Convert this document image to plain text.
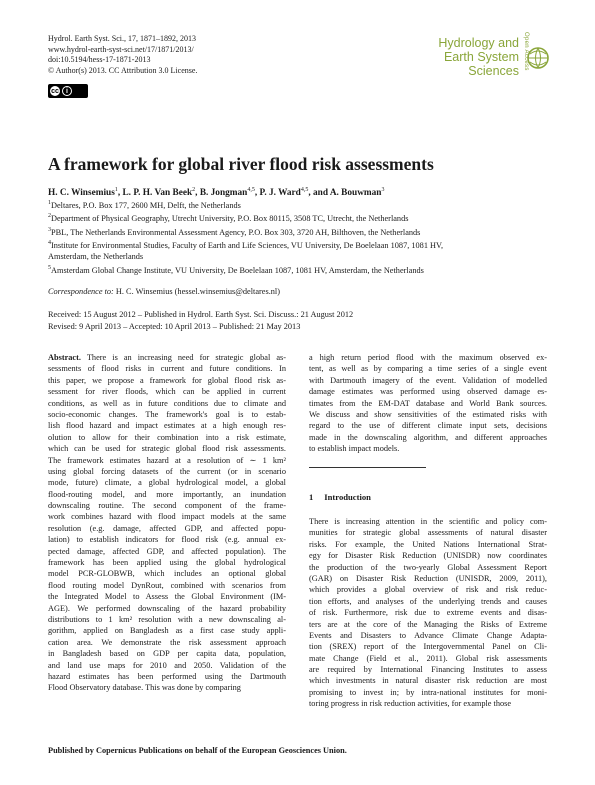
Hydrol. Earth Syst. Sci., 17, 1871–1892, 2013
www.hydrol-earth-syst-sci.net/17/1871/2013/
doi:10.5194/hess-17-1871-2013
© Author(s) 2013. CC Attribution 3.0 License.
cc	i
Hydrology and
Earth System
Sciences
Open Access
A framework for global river flood risk assessments
H. C. Winsemius$^1$, L. P. H. Van Beek$^2$, B. Jongman$^{4,5}$, P. J. Ward$^{4,5}$, and A. Bouwman$^3$
$^1$Deltares, P.O. Box 177, 2600 MH, Delft, the Netherlands
$^2$Department of Physical Geography, Utrecht University, P.O. Box 80115, 3508 TC, Utrecht, the Netherlands
$^3$PBL, The Netherlands Environmental Assessment Agency, P.O. Box 303, 3720 AH, Bilthoven, the Netherlands
$^4$Institute for Environmental Studies, Faculty of Earth and Life Sciences, VU University, De Boelelaan 1087, 1081 HV,
Amsterdam, the Netherlands
$^5$Amsterdam Global Change Institute, VU University, De Boelelaan 1087, 1081 HV, Amsterdam, the Netherlands
Correspondence to: H. C. Winsemius (hessel.winsemius@deltares.nl)
Received: 15 August 2012 – Published in Hydrol. Earth Syst. Sci. Discuss.: 21 August 2012
Revised: 9 April 2013 – Accepted: 10 April 2013 – Published: 21 May 2013
Abstract. There is an increasing need for strategic global as-
sessments of flood risks in current and future conditions. In
this paper, we propose a framework for global flood risk as-
sessment for river floods, which can be applied in current
conditions, as well as in future conditions due to climate and
socio-economic changes. The framework's goal is to estab-
lish flood hazard and impact estimates at a high enough res-
olution to allow for their combination into a risk estimate,
which can be used for strategic global flood risk assessments.
The framework estimates hazard at a resolution of ∼ 1 km²
using global forcing datasets of the current (or in scenario
mode, future) climate, a global hydrological model, a global
flood-routing model, and more importantly, an inundation
downscaling routine. The second component of the frame-
work combines hazard with flood impact models at the same
resolution (e.g. damage, affected GDP, and affected popu-
lation) to establish indicators for flood risk (e.g. annual ex-
pected damage, affected GDP, and affected population). The
framework has been applied using the global hydrological
model PCR-GLOBWB, which includes an optional global
flood routing model DynRout, combined with scenarios from
the Integrated Model to Assess the Global Environment (IM-
AGE). We performed downscaling of the hazard probability
distributions to 1 km² resolution with a new downscaling al-
gorithm, applied on Bangladesh as a first case study appli-
cation area. We demonstrate the risk assessment approach
in Bangladesh based on GDP per capita data, population,
and land use maps for 2010 and 2050. Validation of the
hazard estimates has been performed using the Dartmouth
Flood Observatory database. This was done by comparing
a high return period flood with the maximum observed ex-
tent, as well as by comparing a time series of a single event
with Dartmouth imagery of the event. Validation of modelled
damage estimates was performed using observed damage es-
timates from the EM-DAT database and World Bank sources.
We discuss and show sensitivities of the estimated risks with
regard to the use of different climate input sets, decisions
made in the downscaling algorithm, and different approaches
to establish impact models.
1 Introduction
There is increasing attention in the scientific and policy com-
munities for strategic global assessments of natural disaster
risks. For example, the United Nations International Strat-
egy for Disaster Risk Reduction (UNISDR) now coordinates
the production of the two-yearly Global Assessment Report
(GAR) on Disaster Risk Reduction (UNISDR, 2009, 2011),
which provides a global overview of risk and risk reduc-
tion efforts, and analyses of the underlying trends and causes
of risk. Furthermore, risk due to extreme events and disas-
ters are at the core of the Managing the Risks of Extreme
Events and Disasters to Advance Climate Change Adapta-
tion (SREX) report of the Intergovernmental Panel on Cli-
mate Change (Field et al., 2011). Global risk assessments
are required by International Financing Institutes to assess
which investments in natural disaster risk reduction are most
promising to invest in; by intra-national institutes for moni-
toring progress in risk reduction activities, for example those
Published by Copernicus Publications on behalf of the European Geosciences Union.
